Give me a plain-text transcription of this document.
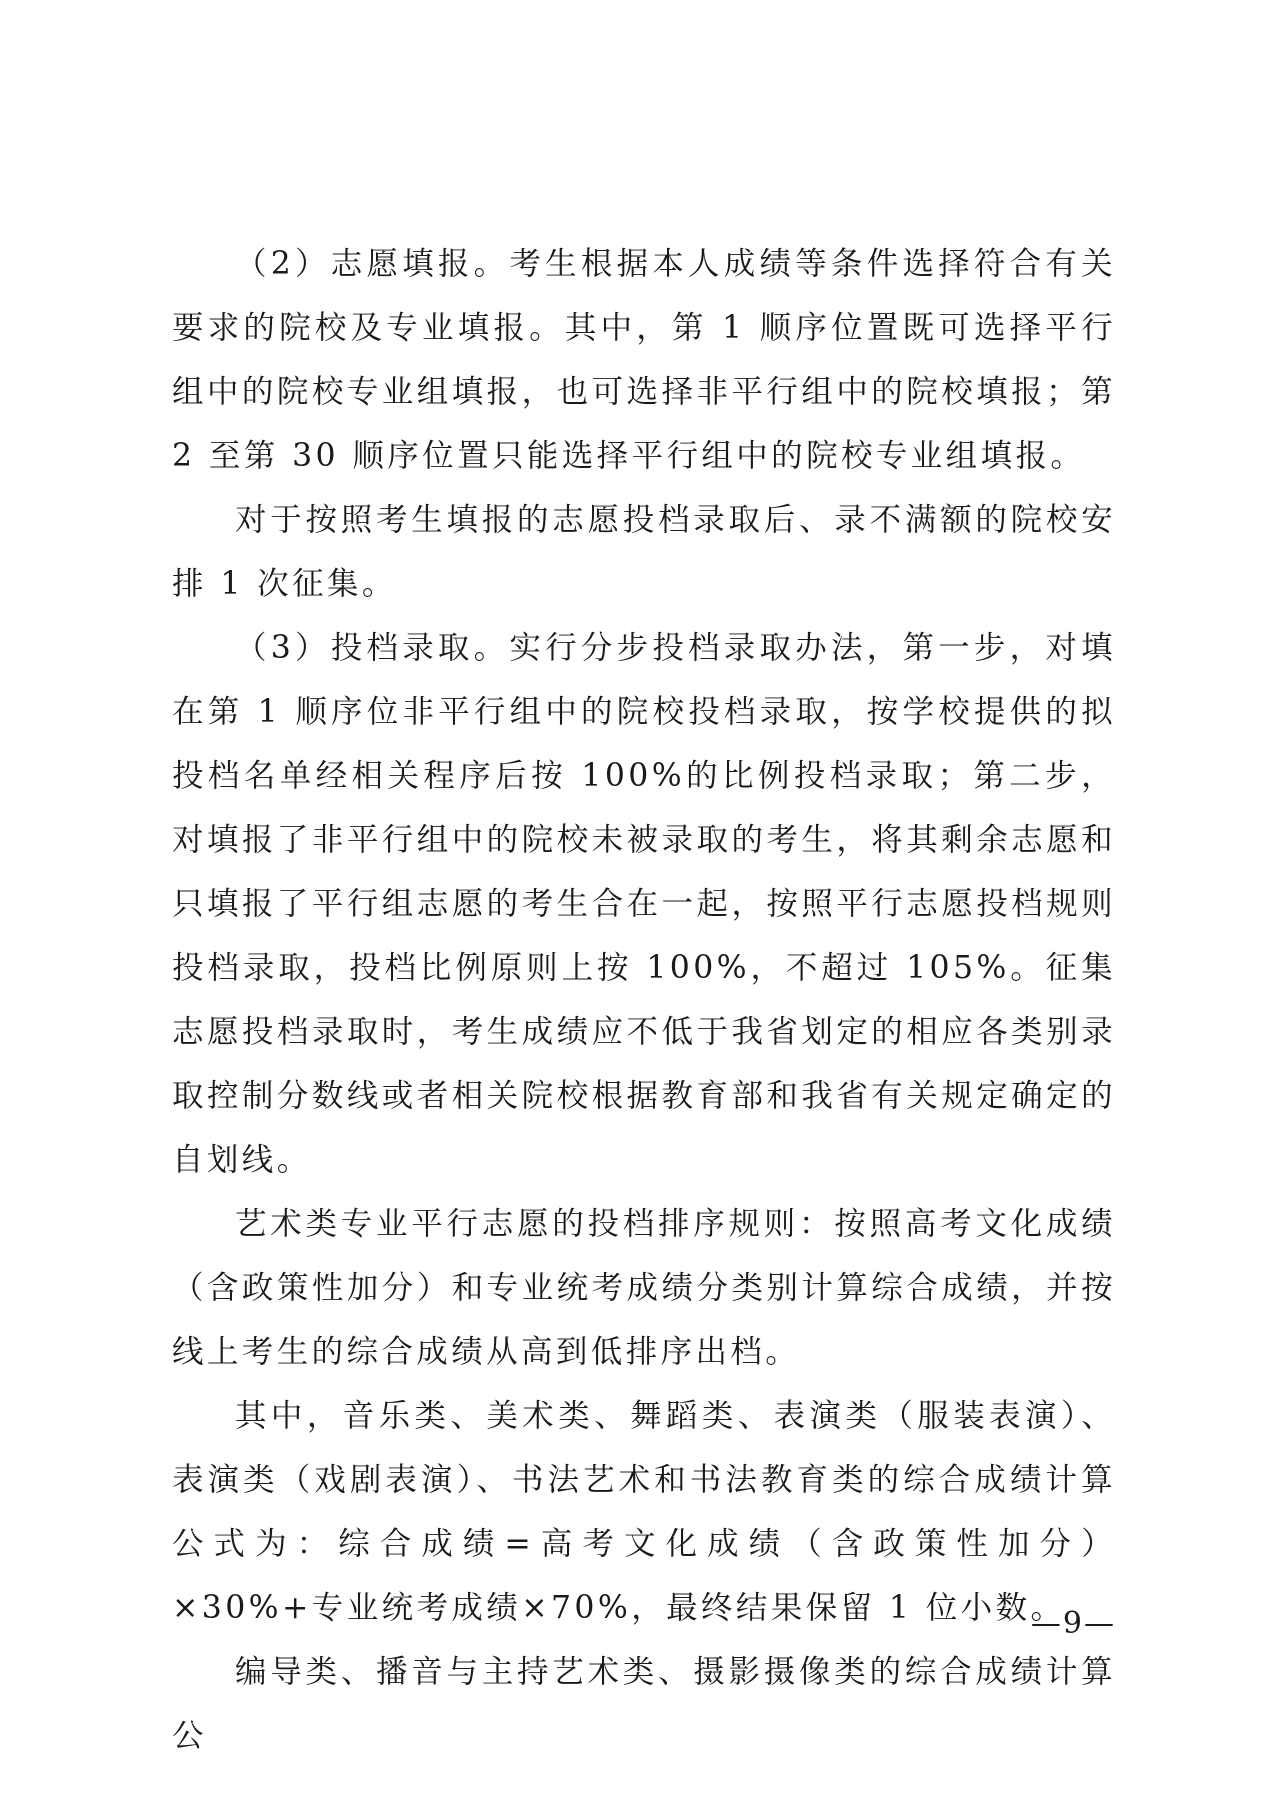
（2）志愿填报。考生根据本人成绩等条件选择符合有关要求的院校及专业填报。其中，第 1 顺序位置既可选择平行组中的院校专业组填报，也可选择非平行组中的院校填报；第 2 至第 30 顺序位置只能选择平行组中的院校专业组填报。

对于按照考生填报的志愿投档录取后、录不满额的院校安排 1 次征集。

（3）投档录取。实行分步投档录取办法，第一步，对填在第 1 顺序位非平行组中的院校投档录取，按学校提供的拟投档名单经相关程序后按 100%的比例投档录取；第二步，对填报了非平行组中的院校未被录取的考生，将其剩余志愿和只填报了平行组志愿的考生合在一起，按照平行志愿投档规则投档录取，投档比例原则上按 100%，不超过 105%。征集志愿投档录取时，考生成绩应不低于我省划定的相应各类别录取控制分数线或者相关院校根据教育部和我省有关规定确定的自划线。

艺术类专业平行志愿的投档排序规则：按照高考文化成绩（含政策性加分）和专业统考成绩分类别计算综合成绩，并按线上考生的综合成绩从高到低排序出档。

其中，音乐类、美术类、舞蹈类、表演类（服装表演）、表演类（戏剧表演）、书法艺术和书法教育类的综合成绩计算公式为：综合成绩=高考文化成绩（含政策性加分）×30%+专业统考成绩×70%，最终结果保留 1 位小数。

编导类、播音与主持艺术类、摄影摄像类的综合成绩计算公

—9—
